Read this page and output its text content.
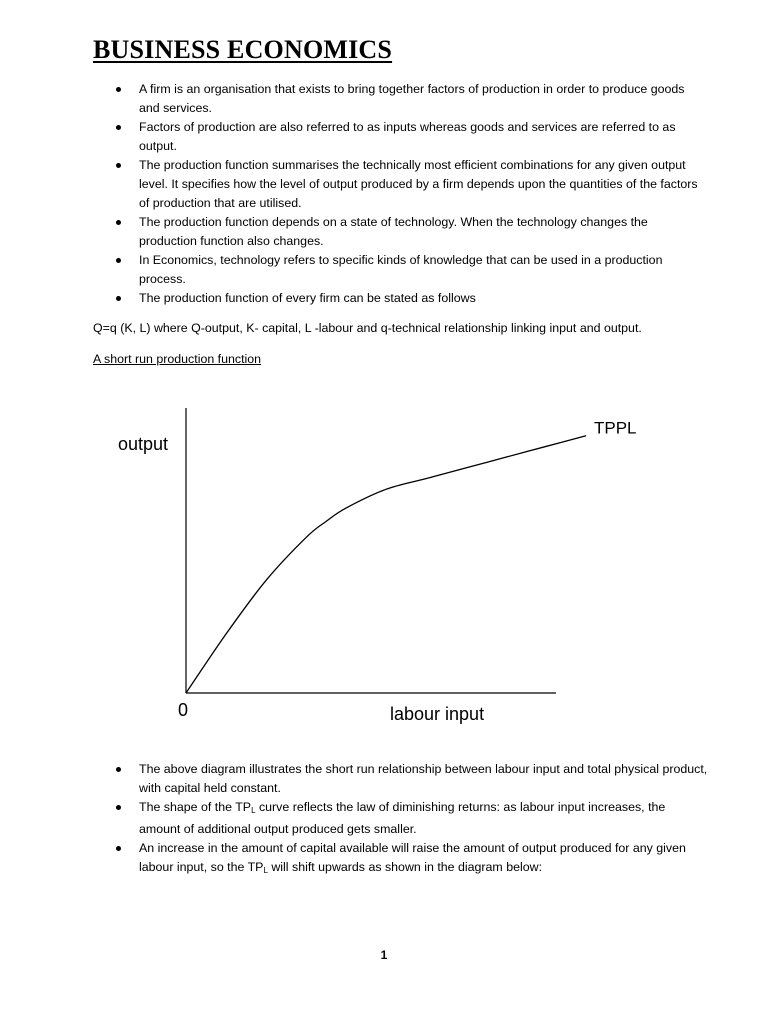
BUSINESS ECONOMICS
A firm is an organisation that exists to bring together factors of production in order to produce goods and services.
Factors of production are also referred to as inputs whereas goods and services are referred to as output.
The production function summarises the technically most efficient combinations for any given output level. It specifies how the level of output produced by a firm depends upon the quantities of the factors of production that are utilised.
The production function depends on a state of technology. When the technology changes the production function also changes.
In Economics, technology refers to specific kinds of knowledge that can be used in a production process.
The production function of every firm can be stated as follows
Q=q (K, L) where Q-output, K- capital, L -labour and q-technical relationship linking input and output.
A short run production function
output
labour input
0
TPPL
The above diagram illustrates the short run relationship between labour input and total physical product, with capital held constant.
The shape of the $TP_L$ curve reflects the law of diminishing returns: as labour input increases, the amount of additional output produced gets smaller.
An increase in the amount of capital available will raise the amount of output produced for any given labour input, so the $TP_L$ will shift upwards as shown in the diagram below:
1
